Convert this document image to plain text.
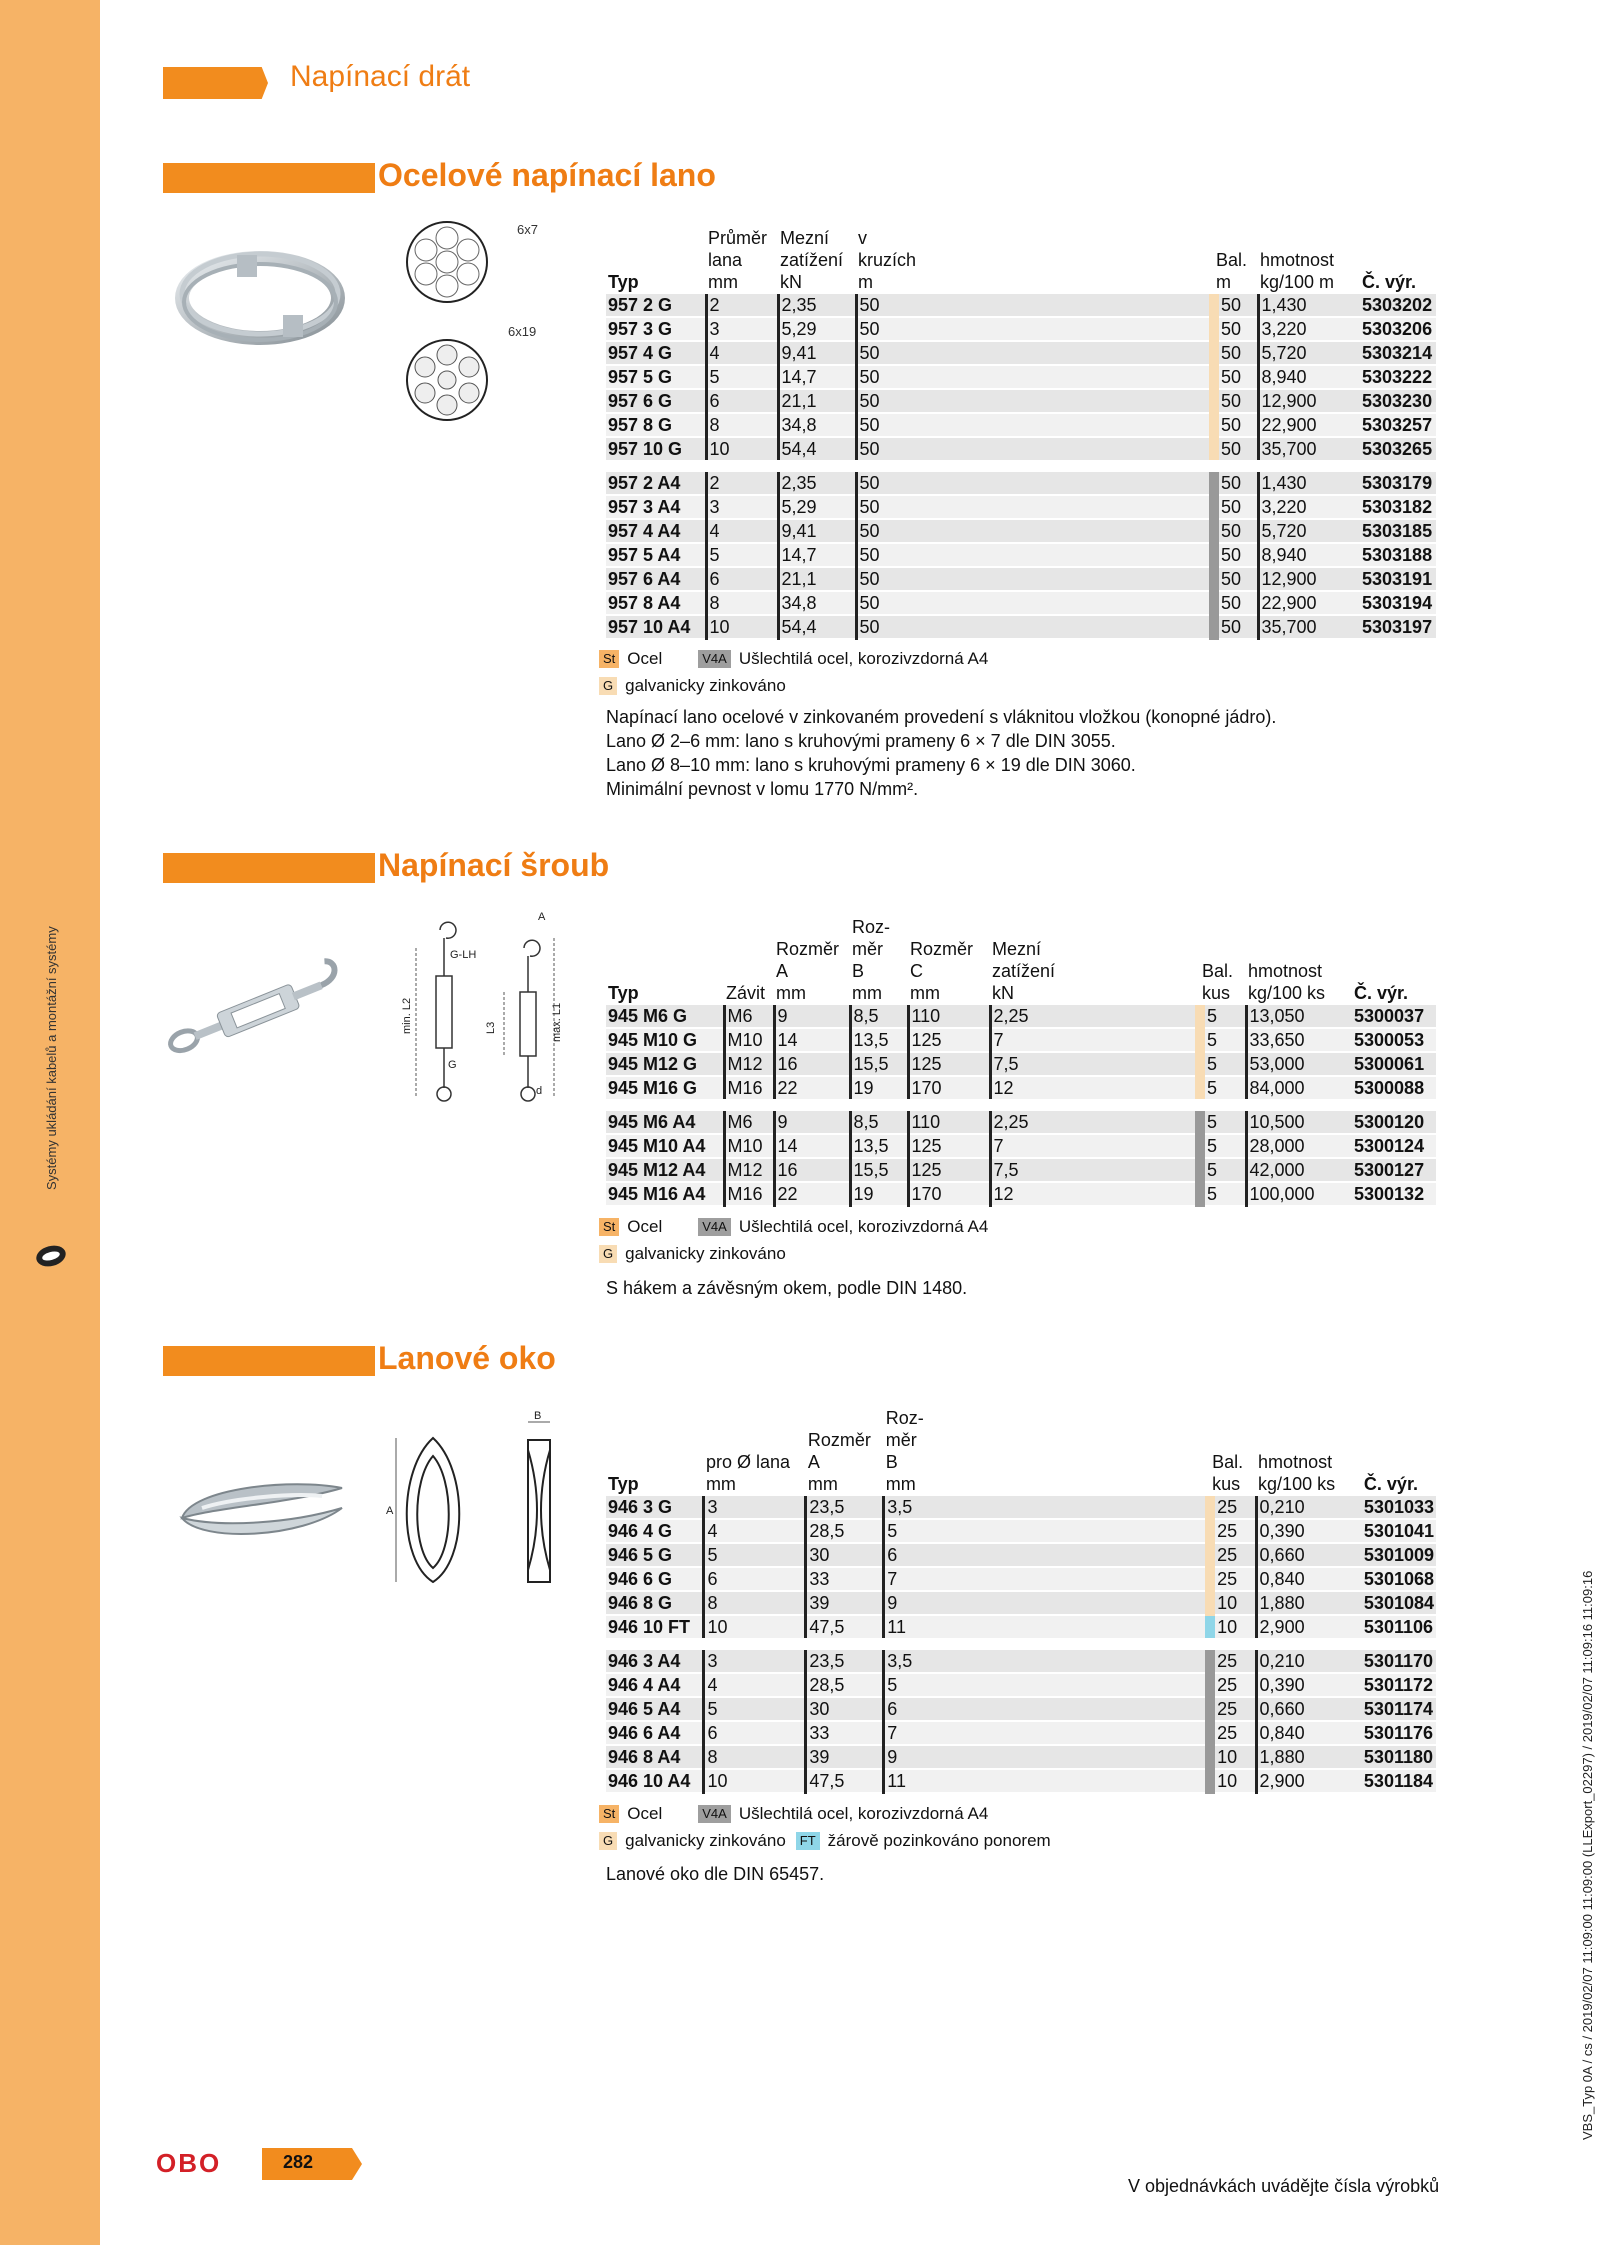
Systémy ukládání kabelů a montážní systémy
Napínací drát
Ocelové napínací lano
6x7
6x19
	Průměr	Mezní	v			
	lana	zatížení	kruzích	Bal.	hmotnost	
Typ	mm	kN	m	m	kg/100 m	Č. výr.
957 2 G	2	2,35	50	50	1,430	5303202
957 3 G	3	5,29	50	50	3,220	5303206
957 4 G	4	9,41	50	50	5,720	5303214
957 5 G	5	14,7	50	50	8,940	5303222
957 6 G	6	21,1	50	50	12,900	5303230
957 8 G	8	34,8	50	50	22,900	5303257
957 10 G	10	54,4	50	50	35,700	5303265
957 2 A4	2	2,35	50	50	1,430	5303179
957 3 A4	3	5,29	50	50	3,220	5303182
957 4 A4	4	9,41	50	50	5,720	5303185
957 5 A4	5	14,7	50	50	8,940	5303188
957 6 A4	6	21,1	50	50	12,900	5303191
957 8 A4	8	34,8	50	50	22,900	5303194
957 10 A4	10	54,4	50	50	35,700	5303197
St Ocel	V4A Ušlechtilá ocel, korozivzdorná A4
G galvanicky zinkováno
Napínací lano ocelové v zinkovaném provedení s vláknitou vložkou (konopné jádro).
Lano Ø 2–6 mm: lano s kruhovými prameny 6 × 7 dle DIN 3055.
Lano Ø 8–10 mm: lano s kruhovými prameny 6 × 19 dle DIN 3060.
Minimální pevnost v lomu 1770 N/mm².
Napínací šroub
A
G-LH
min. L2	L3	max. L1
G
d
			Roz-					
		Rozměr	měr	Rozměr	Mezní			
		A	B	C	zatížení	Bal.	hmotnost	
Typ	Závit	mm	mm	mm	kN	kus	kg/100 ks	Č. výr.
945 M6 G	M6	9	8,5	110	2,25	5	13,050	5300037
945 M10 G	M10	14	13,5	125	7	5	33,650	5300053
945 M12 G	M12	16	15,5	125	7,5	5	53,000	5300061
945 M16 G	M16	22	19	170	12	5	84,000	5300088
945 M6 A4	M6	9	8,5	110	2,25	5	10,500	5300120
945 M10 A4	M10	14	13,5	125	7	5	28,000	5300124
945 M12 A4	M12	16	15,5	125	7,5	5	42,000	5300127
945 M16 A4	M16	22	19	170	12	5	100,000	5300132
St Ocel	V4A Ušlechtilá ocel, korozivzdorná A4
G galvanicky zinkováno
S hákem a závěsným okem, podle DIN 1480.
Lanové oko
A
B
				Roz-			
		Rozměr	měr			
	pro Ø lana	A	B	Bal.	hmotnost	
Typ	mm	mm	mm	kus	kg/100 ks	Č. výr.
946 3 G	3	23,5	3,5	25	0,210	5301033
946 4 G	4	28,5	5	25	0,390	5301041
946 5 G	5	30	6	25	0,660	5301009
946 6 G	6	33	7	25	0,840	5301068
946 8 G	8	39	9	10	1,880	5301084
946 10 FT	10	47,5	11	10	2,900	5301106
946 3 A4	3	23,5	3,5	25	0,210	5301170
946 4 A4	4	28,5	5	25	0,390	5301172
946 5 A4	5	30	6	25	0,660	5301174
946 6 A4	6	33	7	25	0,840	5301176
946 8 A4	8	39	9	10	1,880	5301180
946 10 A4	10	47,5	11	10	2,900	5301184
St Ocel	V4A Ušlechtilá ocel, korozivzdorná A4
G galvanicky zinkováno	FT žárově pozinkováno ponorem
Lanové oko dle DIN 65457.	VBS_Typ 0A / cs / 2019/02/07 11:09:00 11:09:00 (LLExport_02297) / 2019/02/07 11:09:16 11:09:16
OBO	282
V objednávkách uvádějte čísla výrobků
